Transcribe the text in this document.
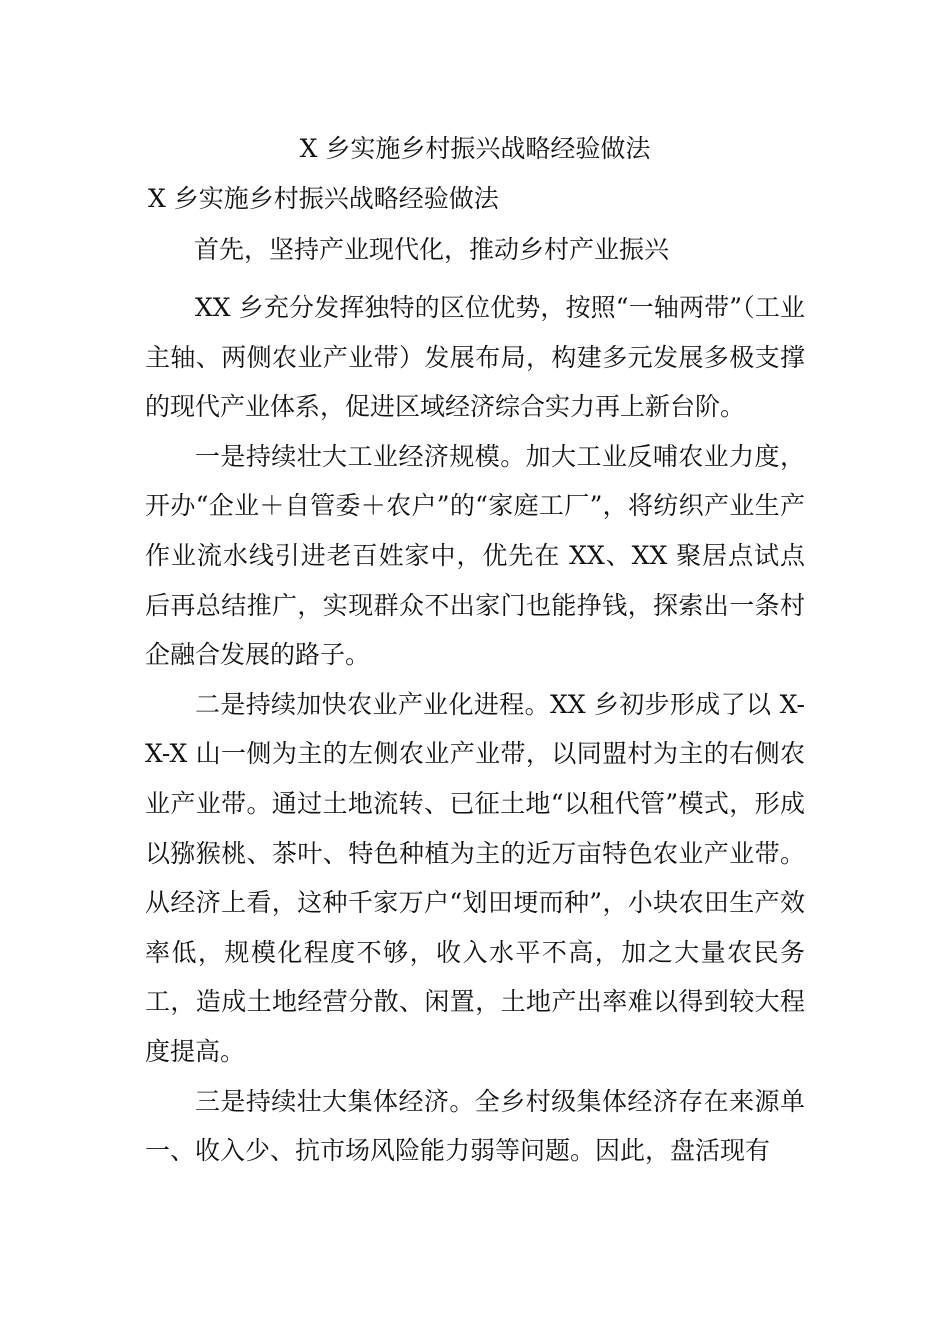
X 乡实施乡村振兴战略经验做法
X 乡实施乡村振兴战略经验做法
首先，坚持产业现代化，推动乡村产业振兴

XX 乡充分发挥独特的区位优势，按照“一轴两带”（工业主轴、两侧农业产业带）发展布局，构建多元发展多极支撑的现代产业体系，促进区域经济综合实力再上新台阶。

一是持续壮大工业经济规模。加大工业反哺农业力度，开办“企业＋自管委＋农户”的“家庭工厂”，将纺织产业生产作业流水线引进老百姓家中，优先在 XX、XX 聚居点试点后再总结推广，实现群众不出家门也能挣钱，探索出一条村企融合发展的路子。

二是持续加快农业产业化进程。XX 乡初步形成了以 X-X-X 山一侧为主的左侧农业产业带，以同盟村为主的右侧农业产业带。通过土地流转、已征土地“以租代管”模式，形成以猕猴桃、茶叶、特色种植为主的近万亩特色农业产业带。从经济上看，这种千家万户“划田埂而种”，小块农田生产效率低，规模化程度不够，收入水平不高，加之大量农民务工，造成土地经营分散、闲置，土地产出率难以得到较大程度提高。

三是持续壮大集体经济。全乡村级集体经济存在来源单一、收入少、抗市场风险能力弱等问题。因此，盘活现有
